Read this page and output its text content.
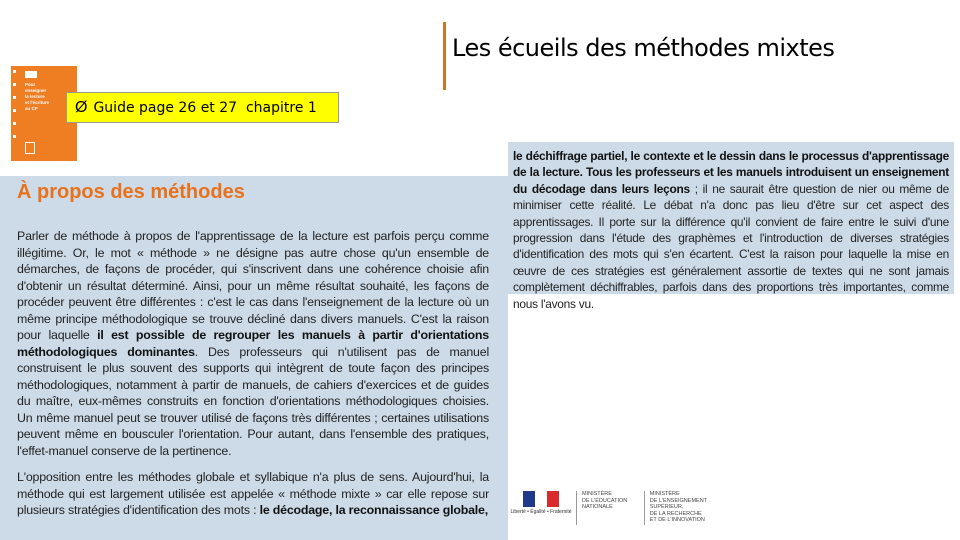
Les écueils des méthodes mixtes
Pour
enseigner
la lecture
et l'écriture
au CP	Ø Guide page 26 et 27  chapitre 1
À propos des méthodes

Parler de méthode à propos de l'apprentissage de la lecture est parfois perçu comme illégitime. Or, le mot « méthode » ne désigne pas autre chose qu'un ensemble de démarches, de façons de procéder, qui s'inscrivent dans une cohérence choisie afin d'obtenir un résultat déterminé. Ainsi, pour un même résultat souhaité, les façons de procéder peuvent être différentes : c'est le cas dans l'enseignement de la lecture où un même principe méthodologique se trouve décliné dans divers manuels. C'est la raison pour laquelle il est possible de regrouper les manuels à partir d'orientations méthodologiques dominantes. Des professeurs qui n'utilisent pas de manuel construisent le plus souvent des supports qui intègrent de toute façon des principes méthodologiques, notamment à partir de manuels, de cahiers d'exercices et de guides du maître, eux-mêmes construits en fonction d'orientations méthodologiques choisies. Un même manuel peut se trouver utilisé de façons très différentes ; certaines utilisations peuvent même en bousculer l'orientation. Pour autant, dans l'ensemble des pratiques, l'effet-manuel conserve de la pertinence.

L'opposition entre les méthodes globale et syllabique n'a plus de sens. Aujourd'hui, la méthode qui est largement utilisée est appelée « méthode mixte » car elle repose sur plusieurs stratégies d'identification des mots : le décodage, la reconnaissance globale,

le déchiffrage partiel, le contexte et le dessin dans le processus d'apprentissage de la lecture. Tous les professeurs et les manuels introduisent un enseignement du décodage dans leurs leçons ; il ne saurait être question de nier ou même de minimiser cette réalité. Le débat n'a donc pas lieu d'être sur cet aspect des apprentissages. Il porte sur la différence qu'il convient de faire entre le suivi d'une progression dans l'étude des graphèmes et l'introduction de diverses stratégies d'identification des mots qui s'en écartent. C'est la raison pour laquelle la mise en œuvre de ces stratégies est généralement assortie de textes qui ne sont jamais complètement déchiffrables, parfois dans des proportions très importantes, comme nous l'avons vu.
Liberté • Égalité • Fraternité
MINISTÈRE
DE L'ÉDUCATION
NATIONALE
MINISTÈRE
DE L'ENSEIGNEMENT SUPÉRIEUR,
DE LA RECHERCHE
ET DE L'INNOVATION
